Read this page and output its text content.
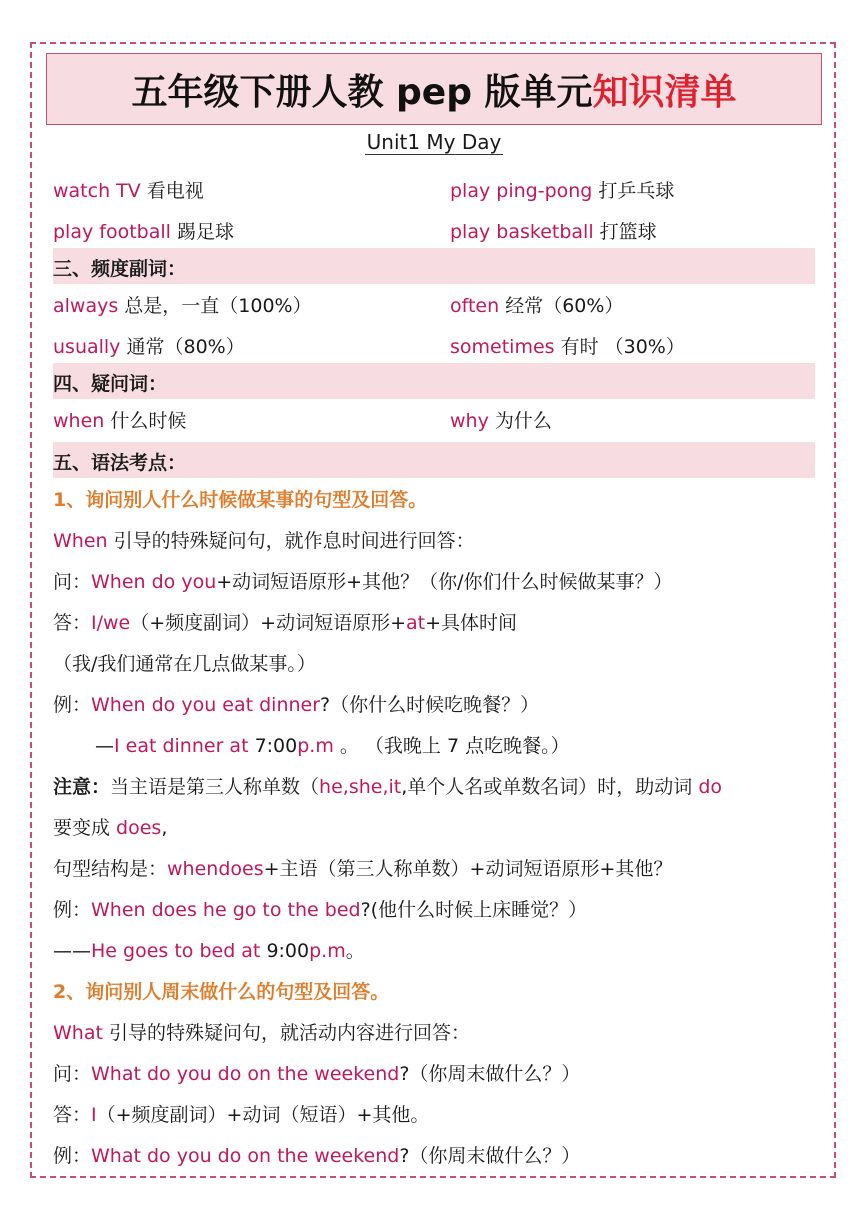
五年级下册人教 pep 版单元 知识清单
Unit1 My Day
watch TV 看电视	play ping-pong 打乒乓球
play football 踢足球	play basketball 打篮球
三、频度副词：
always 总是，一直（100%）	often 经常（60%）
usually 通常（80%）	sometimes 有时 （30%）
四、疑问词：
when 什么时候	why 为什么
五、语法考点：
1、询问别人什么时候做某事的句型及回答。
When 引导的特殊疑问句，就作息时间进行回答：
问：When do you+动词短语原形+其他？（你/你们什么时候做某事？）
答：I/we（+频度副词）+动词短语原形+at+具体时间
（我/我们通常在几点做某事。）
例：When do you eat dinner?（你什么时候吃晚餐？）
—I eat dinner at 7:00p.m 。 （我晚上 7 点吃晚餐。）
注意：当主语是第三人称单数（he,she,it,单个人名或单数名词）时，助动词 do
要变成 does,
句型结构是：whendoes+主语（第三人称单数）+动词短语原形+其他？
例：When does he go to the bed?(他什么时候上床睡觉？）
——He goes to bed at 9:00p.m。
2、询问别人周末做什么的句型及回答。
What 引导的特殊疑问句，就活动内容进行回答：
问：What do you do on the weekend?（你周末做什么？）
答：I（+频度副词）+动词（短语）+其他。
例：What do you do on the weekend?（你周末做什么？）
